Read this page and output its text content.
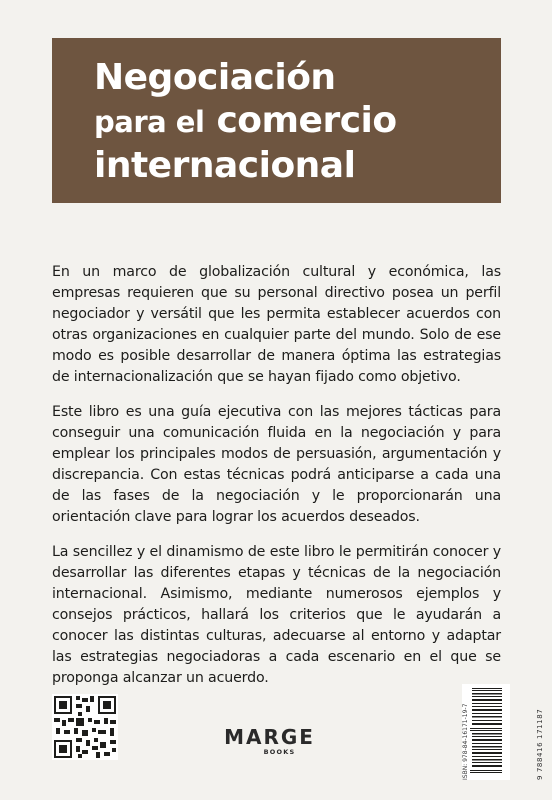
Negociación
para el comercio
internacional

En un marco de globalización cultural y económica, las empresas requieren que su personal directivo posea un perfil negociador y versátil que les permita establecer acuerdos con otras organizaciones en cualquier parte del mundo. Solo de ese modo es posible desarrollar de manera óptima las estrategias de internacionalización que se hayan fijado como objetivo.

Este libro es una guía ejecutiva con las mejores tácticas para conseguir una comunicación fluida en la negociación y para emplear los principales modos de persuasión, argumentación y discrepancia. Con estas técnicas podrá anticiparse a cada una de las fases de la negociación y le proporcionarán una orientación clave para lograr los acuerdos deseados.

La sencillez y el dinamismo de este libro le permitirán conocer y desarrollar las diferentes etapas y técnicas de la negociación internacional. Asimismo, mediante numerosos ejemplos y consejos prácticos, hallará los criterios que le ayudarán a conocer las distintas culturas, adecuarse al entorno y adaptar las estrategias negociadoras a cada escenario en el que se proponga alcanzar un acuerdo.

MARGE
BOOKS	ISBN: 978-84-16171-19-7	9 788416 171187
